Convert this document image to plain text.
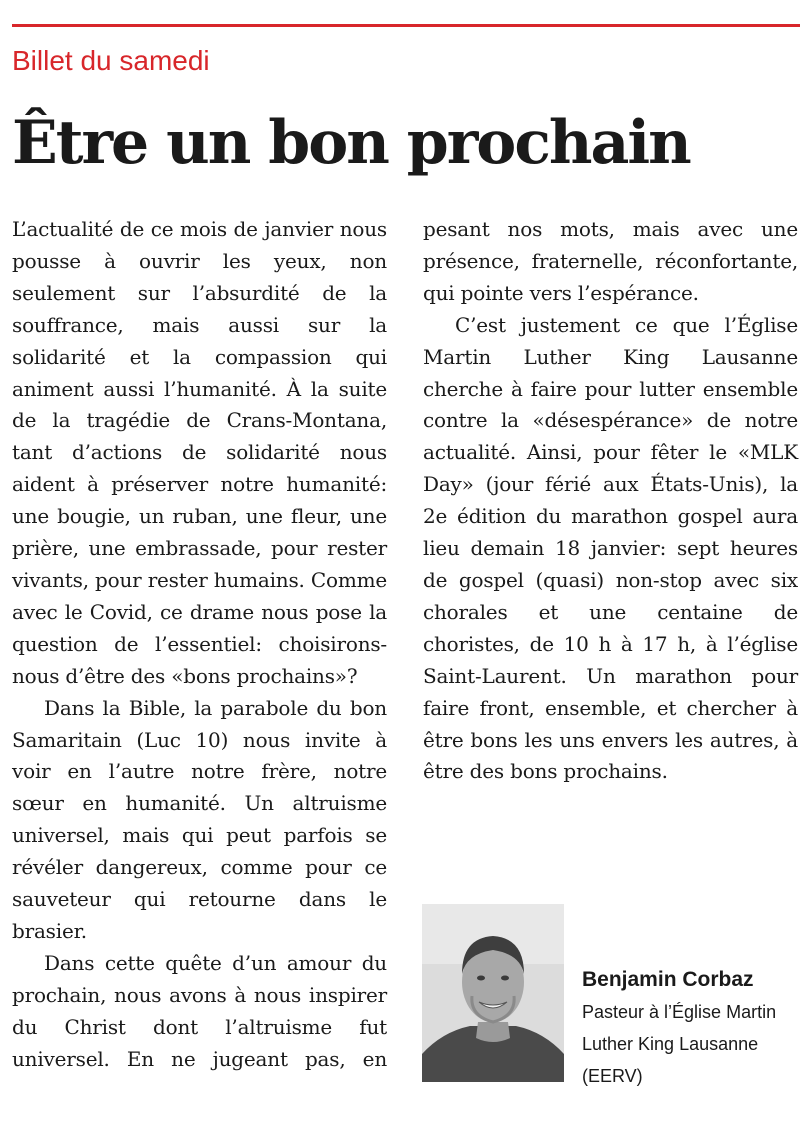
Billet du samedi
Être un bon prochain

L’actualité de ce mois de janvier nous pousse à ouvrir les yeux, non seulement sur l’absurdité de la souffrance, mais aussi sur la solidarité et la compassion qui animent aussi l’humanité. À la suite de la tragédie de Crans-Montana, tant d’actions de solidarité nous aident à préserver notre humanité: une bougie, un ruban, une fleur, une prière, une embrassade, pour rester vivants, pour rester humains. Comme avec le Covid, ce drame nous pose la question de l’essentiel: choisirons-nous d’être des «bons prochains»?

Dans la Bible, la parabole du bon Samaritain (Luc 10) nous invite à voir en l’autre notre frère, notre sœur en humanité. Un altruisme universel, mais qui peut parfois se révéler dangereux, comme pour ce sauveteur qui retourne dans le brasier.

Dans cette quête d’un amour du prochain, nous avons à nous inspirer du Christ dont l’altruisme fut universel. En ne jugeant pas, en pesant nos mots, mais avec une présence, fraternelle, réconfortante, qui pointe vers l’espérance.

C’est justement ce que l’Église Martin Luther King Lausanne cherche à faire pour lutter ensemble contre la «désespérance» de notre actualité. Ainsi, pour fêter le «MLK Day» (jour férié aux États-Unis), la 2e édition du marathon gospel aura lieu demain 18 janvier: sept heures de gospel (quasi) non-stop avec six chorales et une centaine de choristes, de 10 h à 17 h, à l’église Saint-Laurent. Un marathon pour faire front, ensemble, et chercher à être bons les uns envers les autres, à être des bons prochains.

Benjamin Corbaz
Pasteur à l’Église Martin
Luther King Lausanne
(EERV)
